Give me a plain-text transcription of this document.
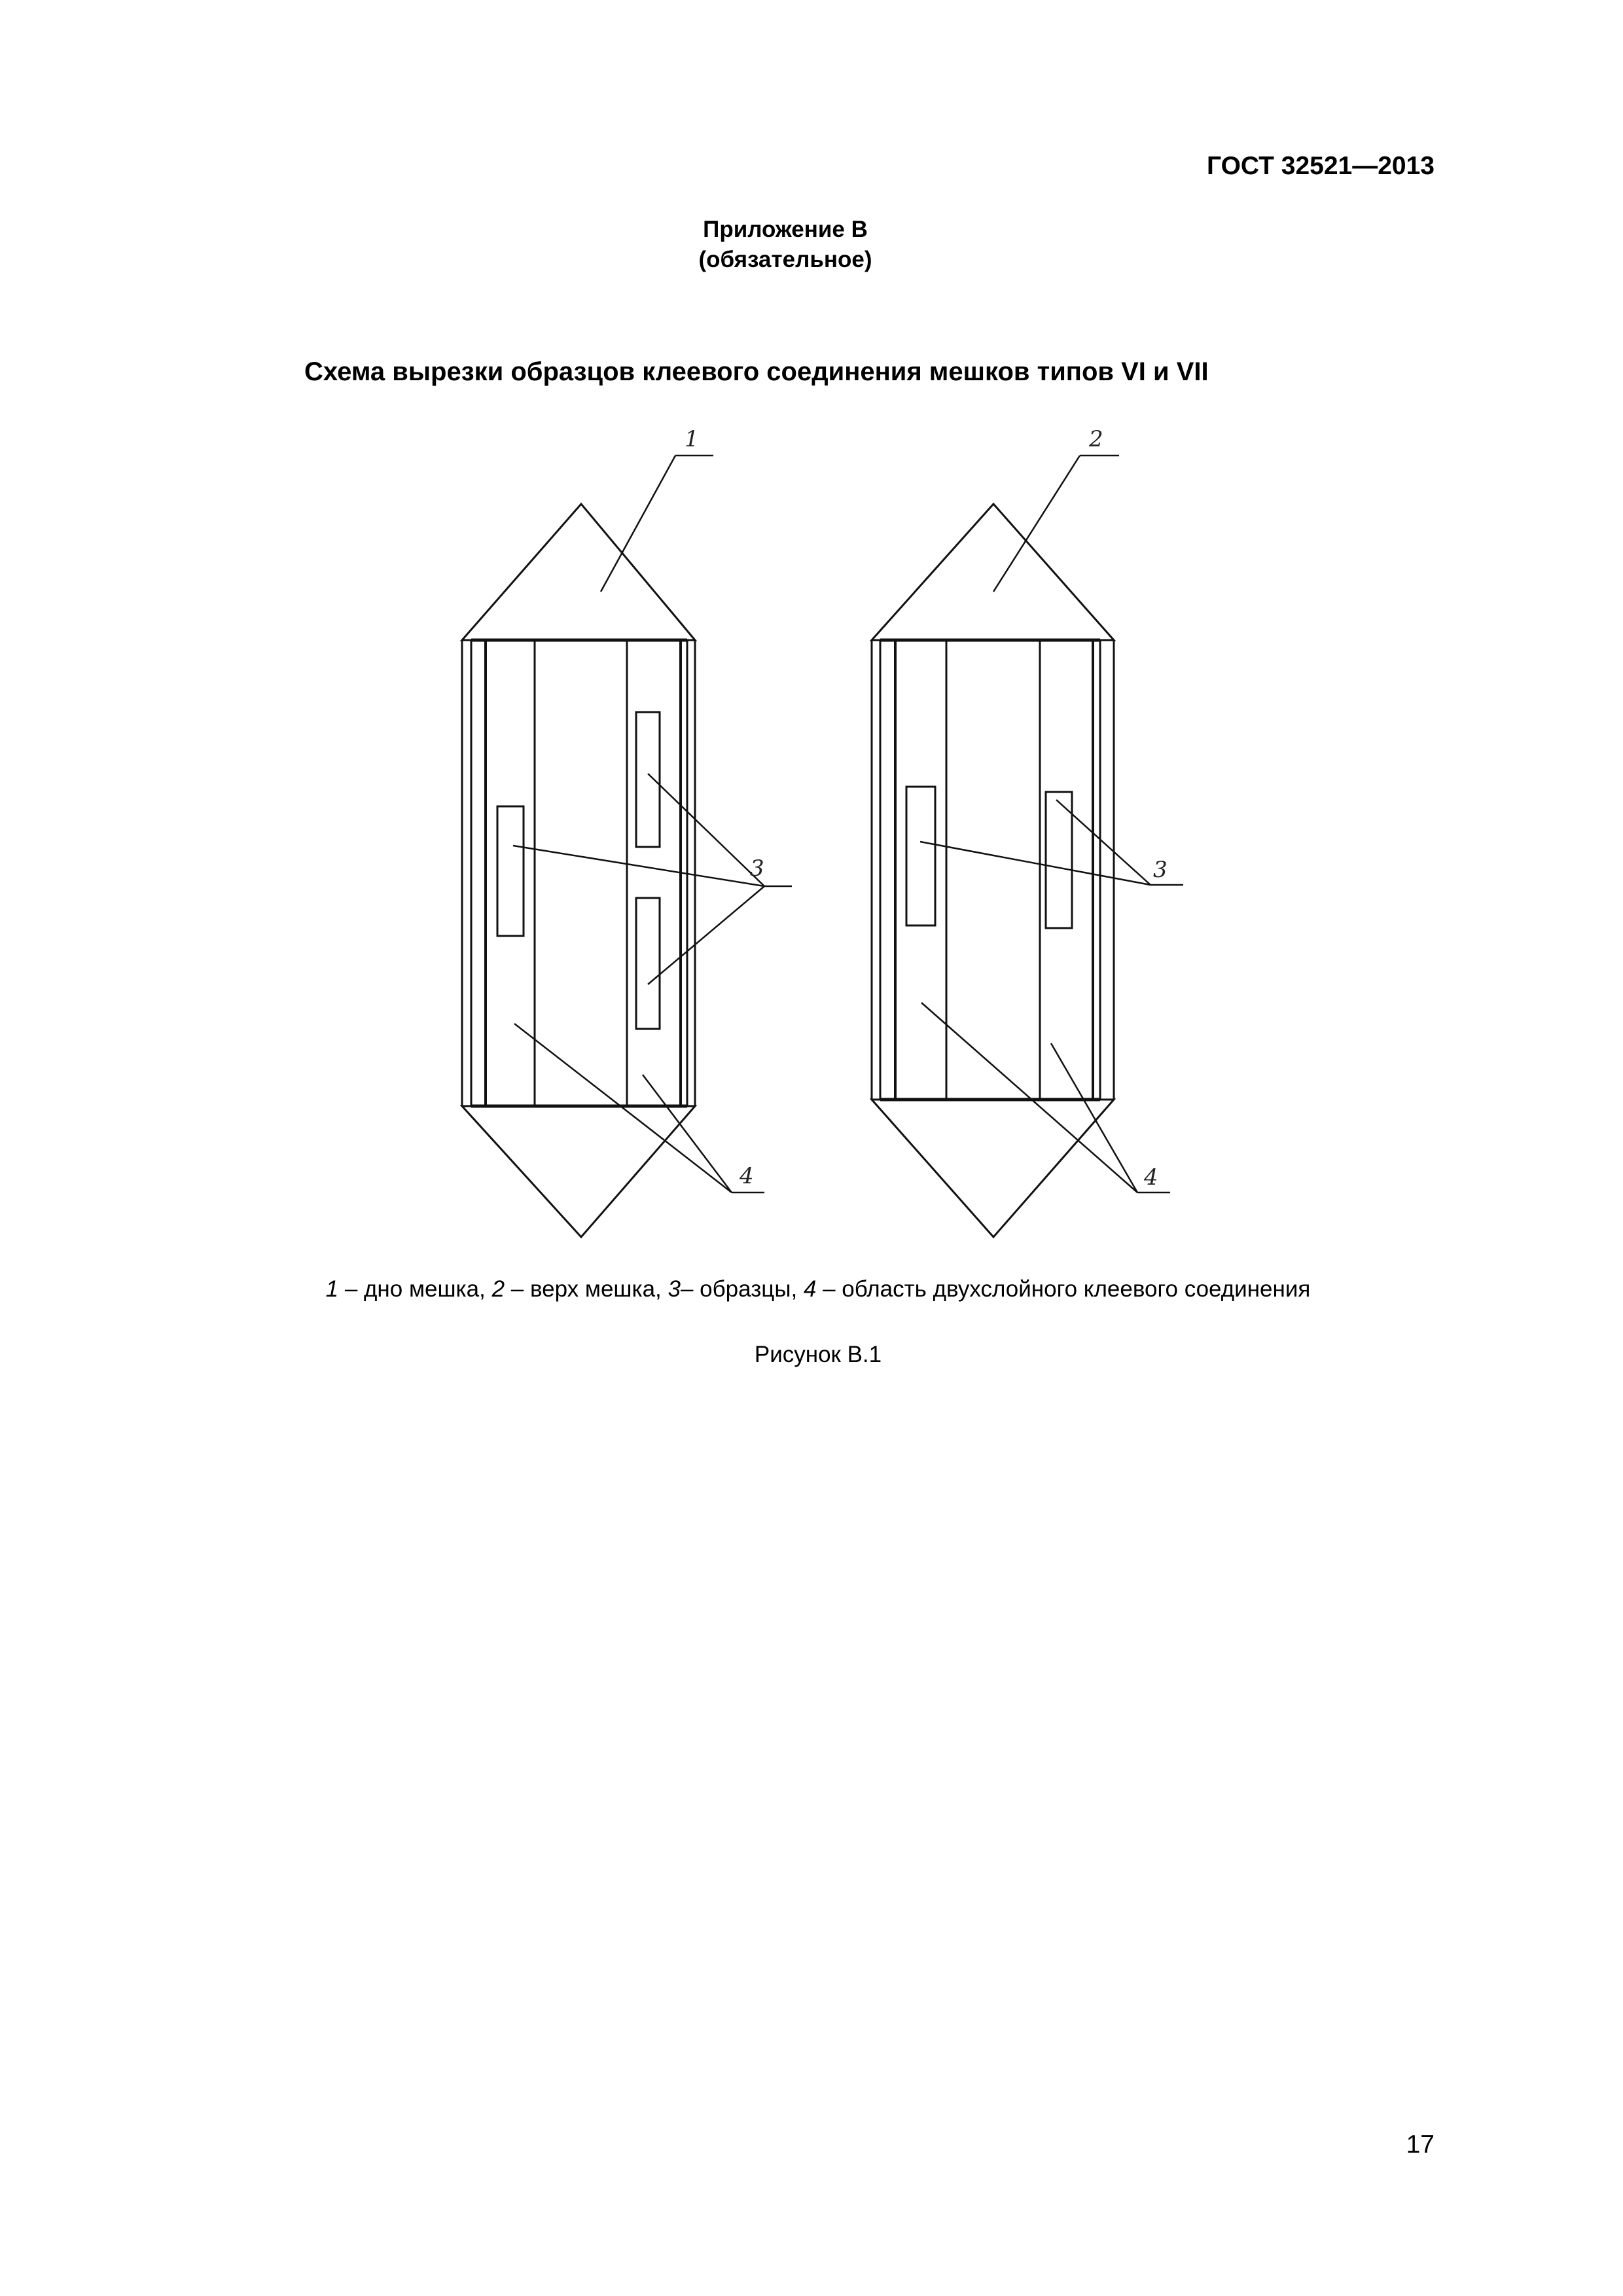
ГОСТ 32521—2013
Приложение В
(обязательное)
Схема вырезки образцов клеевого соединения мешков типов VI и VII
1	2
3	3
4	4
1 – дно мешка, 2 – верх мешка, 3– образцы, 4 – область двухслойного клеевого соединения
Рисунок В.1
17
